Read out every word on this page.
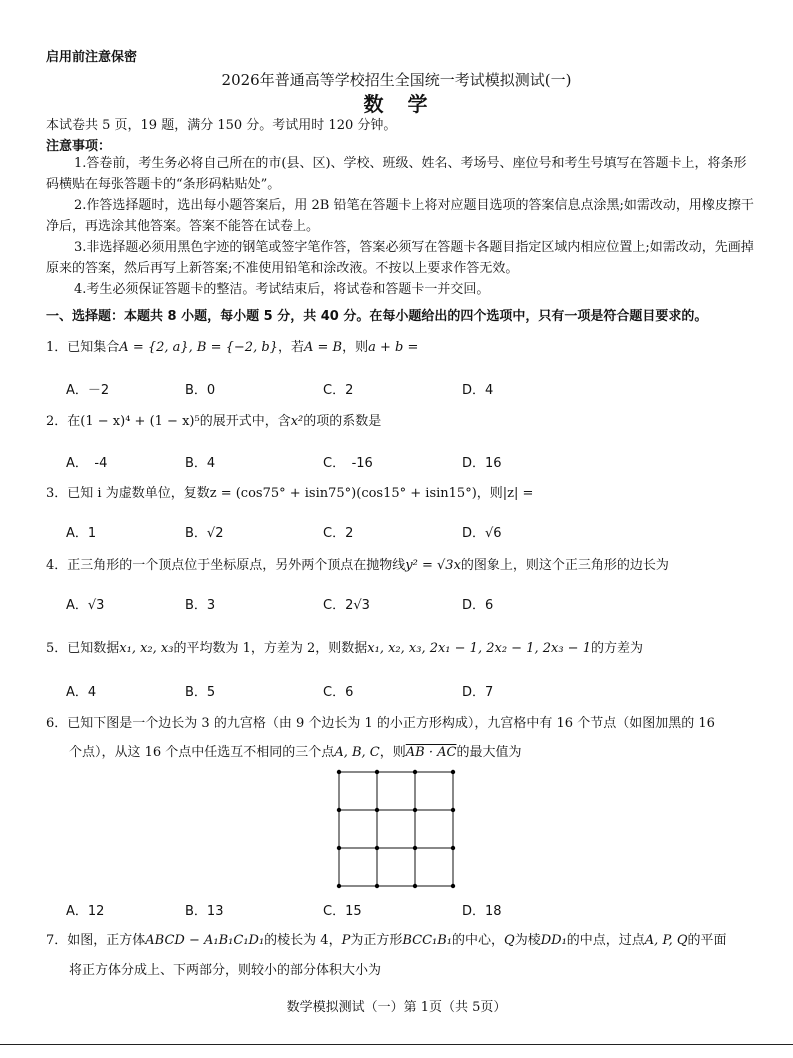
启用前注意保密
2026年普通高等学校招生全国统一考试模拟测试(一)
数　学
本试卷共 5 页，19 题，满分 150 分。考试用时 120 分钟。
注意事项：
1.答卷前，考生务必将自己所在的市(县、区)、学校、班级、姓名、考场号、座位号和考生号填写在答题卡上，将条形码横贴在每张答题卡的“条形码粘贴处”。
2.作答选择题时，选出每小题答案后，用 2B 铅笔在答题卡上将对应题目选项的答案信息点涂黑;如需改动，用橡皮擦干净后，再选涂其他答案。答案不能答在试卷上。
3.非选择题必须用黑色字迹的钢笔或签字笔作答，答案必须写在答题卡各题目指定区域内相应位置上;如需改动，先画掉原来的答案，然后再写上新答案;不准使用铅笔和涂改液。不按以上要求作答无效。
4.考生必须保证答题卡的整洁。考试结束后，将试卷和答题卡一并交回。
一、选择题：本题共 8 小题，每小题 5 分，共 40 分。在每小题给出的四个选项中，只有一项是符合题目要求的。
1．已知集合A = {2, a}, B = {−2, b}，若A = B，则a + b =
A．－2	B．0	C．2	D．4
2．在(1 − x)⁴ + (1 − x)⁵的展开式中，含x²的项的系数是
A．　-4	B．4	C．　-16	D．16
3．已知 i 为虚数单位，复数z = (cos75° + isin75°)(cos15° + isin15°)，则|z| =
A．1	B．√2	C．2	D．√6
4．正三角形的一个顶点位于坐标原点，另外两个顶点在抛物线y² = √3x的图象上，则这个正三角形的边长为
A．√3	B．3	C．2√3	D．6
5．已知数据x₁, x₂, x₃的平均数为 1，方差为 2，则数据x₁, x₂, x₃, 2x₁ − 1, 2x₂ − 1, 2x₃ − 1的方差为
A．4	B．5	C．6	D．7
6．已知下图是一个边长为 3 的九宫格（由 9 个边长为 1 的小正方形构成），九宫格中有 16 个节点（如图加黑的 16
个点），从这 16 个点中任选互不相同的三个点A, B, C，则AB · AC的最大值为
A．12	B．13	C．15	D．18
7．如图，正方体ABCD − A₁B₁C₁D₁的棱长为 4，P为正方形BCC₁B₁的中心，Q为棱DD₁的中点，过点A, P, Q的平面
将正方体分成上、下两部分，则较小的部分体积大小为
数学模拟测试（一）第 1页（共 5页）
